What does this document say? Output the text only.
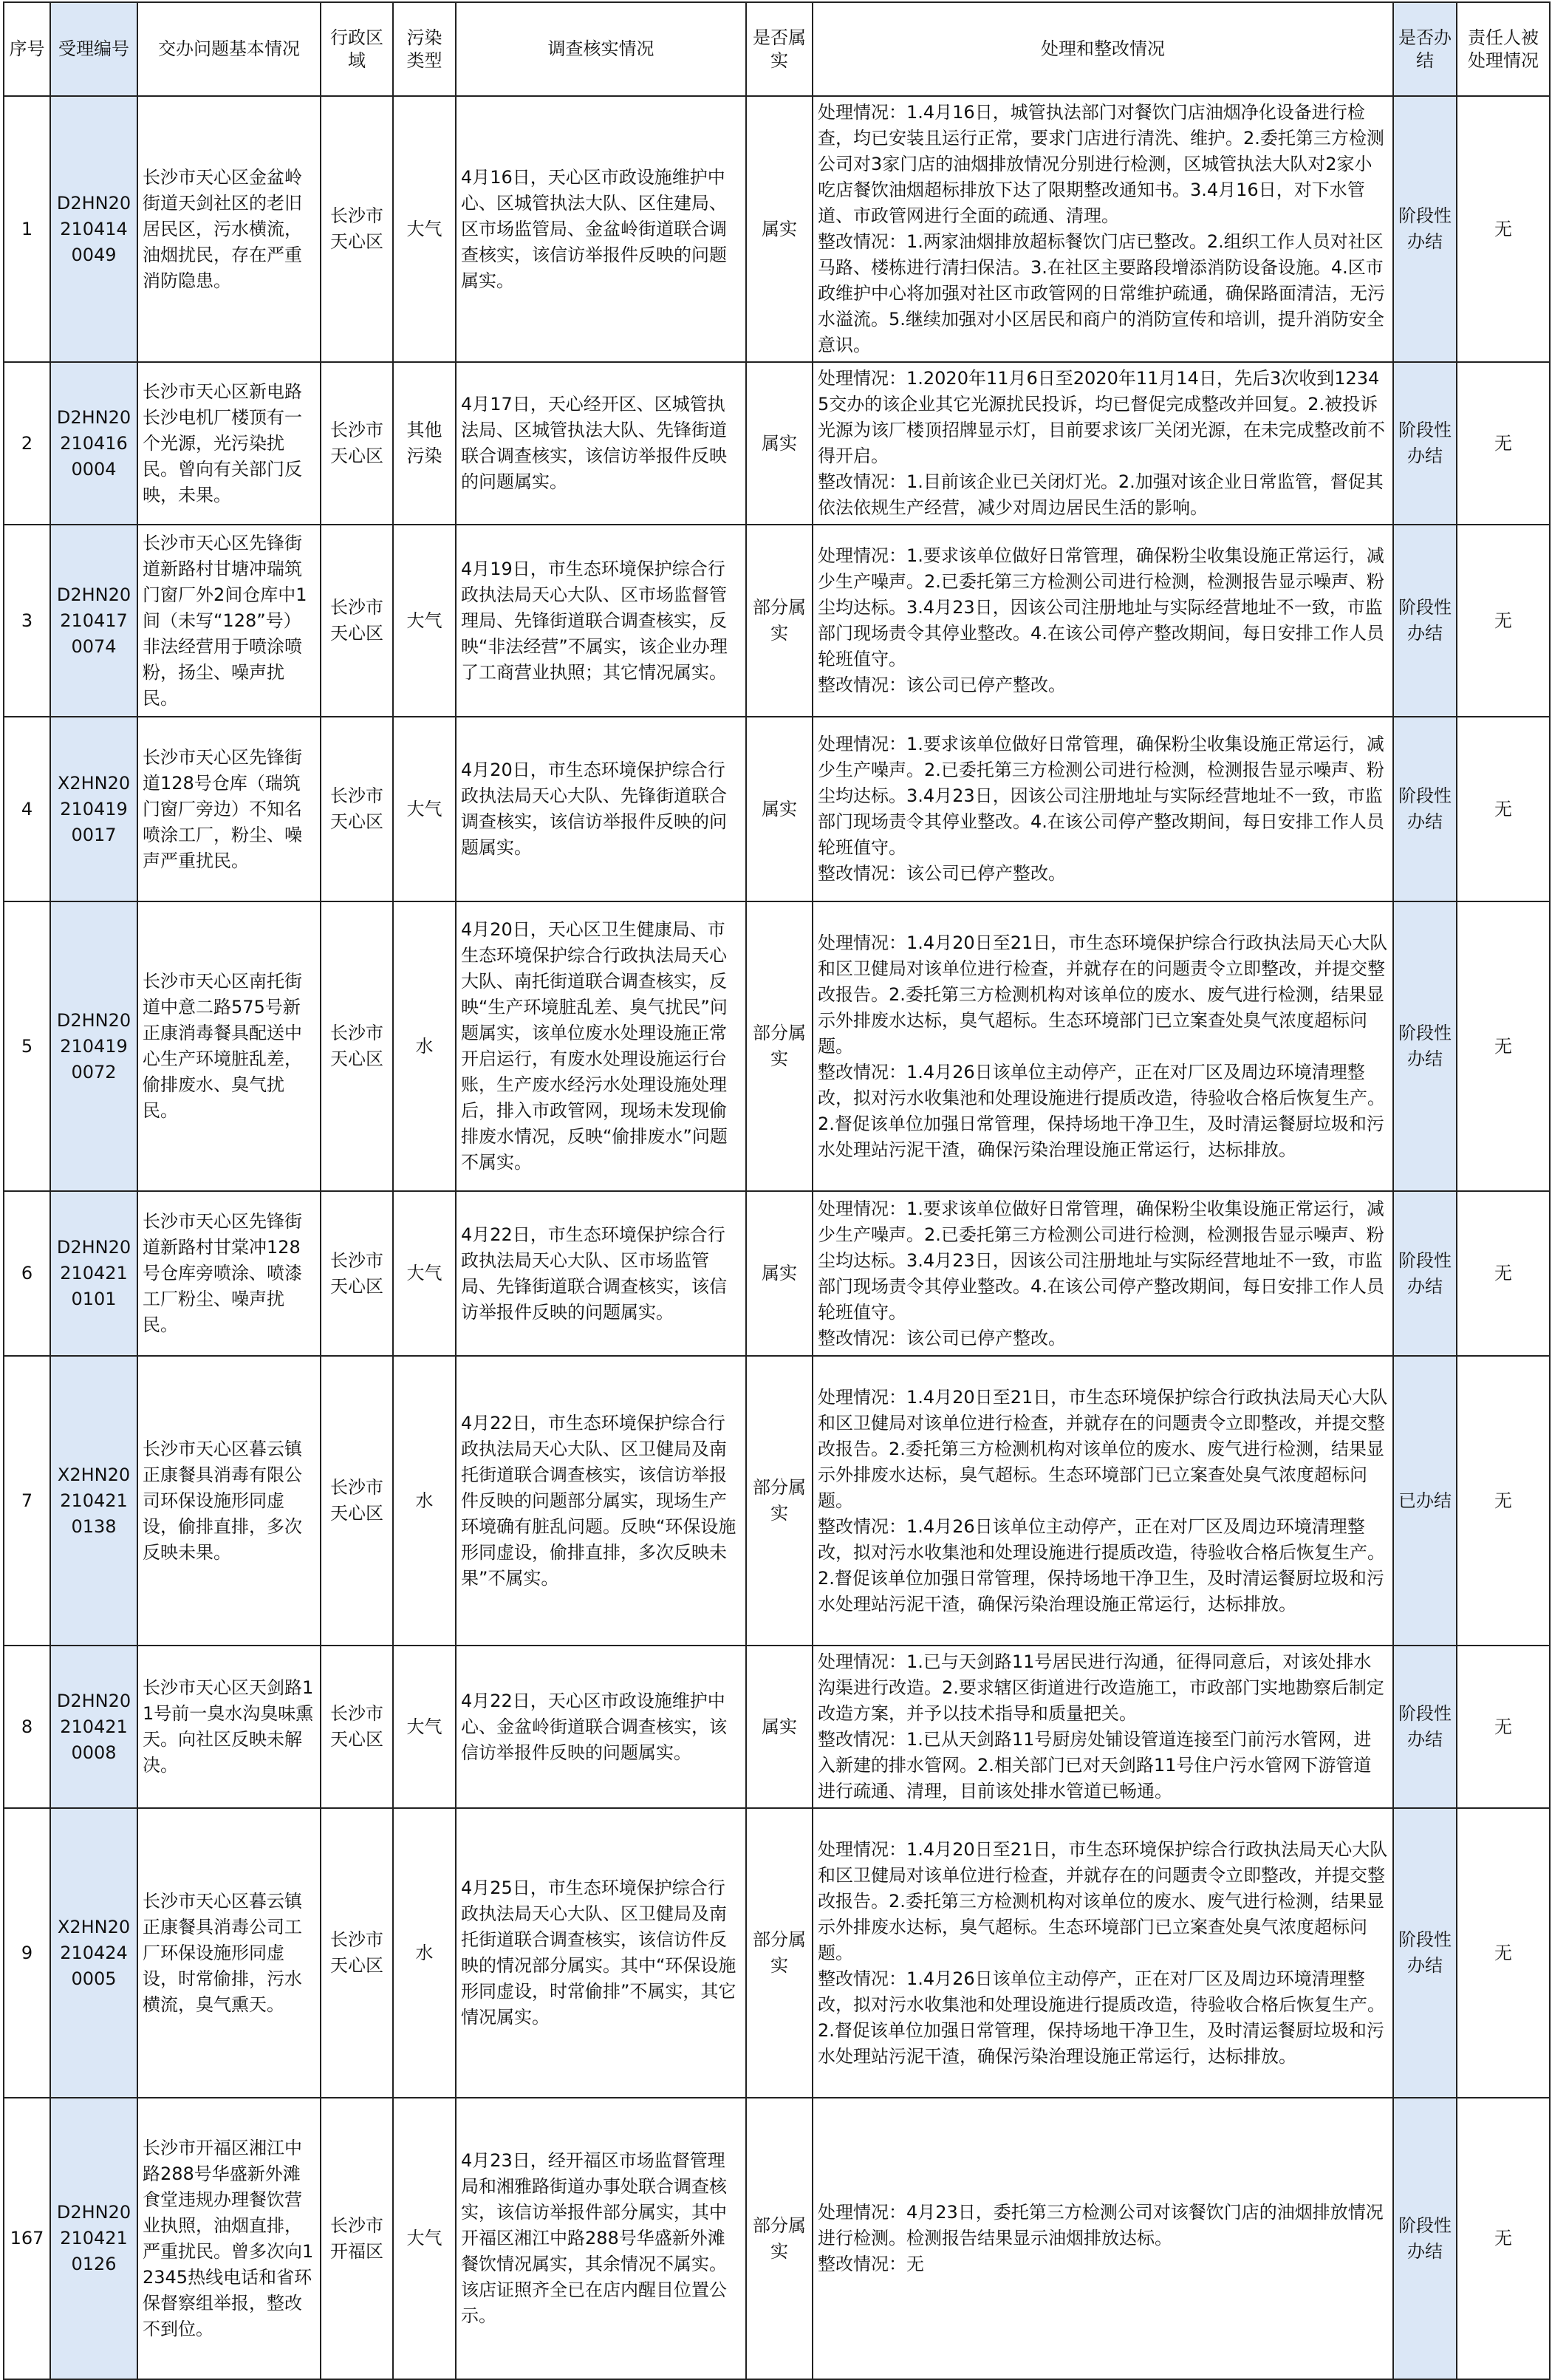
序号	受理编号	交办问题基本情况	行政区域	污染类型	调查核实情况	是否属实	处理和整改情况	是否办结	责任人被处理情况
1	D2HN20210414 0049	长沙市天心区金盆岭街道天剑社区的老旧居民区，污水横流，油烟扰民，存在严重消防隐患。	长沙市天心区	大气	4月16日，天心区市政设施维护中心、区城管执法大队、区住建局、区市场监管局、金盆岭街道联合调查核实，该信访举报件反映的问题属实。	属实	处理情况：1.4月16日，城管执法部门对餐饮门店油烟净化设备进行检查，均已安装且运行正常，要求门店进行清洗、维护。2.委托第三方检测公司对3家门店的油烟排放情况分别进行检测，区城管执法大队对2家小吃店餐饮油烟超标排放下达了限期整改通知书。3.4月16日，对下水管道、市政管网进行全面的疏通、清理。
整改情况：1.两家油烟排放超标餐饮门店已整改。2.组织工作人员对社区马路、楼栋进行清扫保洁。3.在社区主要路段增添消防设备设施。4.区市政维护中心将加强对社区市政管网的日常维护疏通，确保路面清洁，无污水溢流。5.继续加强对小区居民和商户的消防宣传和培训，提升消防安全意识。	阶段性办结	无
2	D2HN20210416 0004	长沙市天心区新电路长沙电机厂楼顶有一个光源，光污染扰民。曾向有关部门反映，未果。	长沙市天心区	其他污染	4月17日，天心经开区、区城管执法局、区城管执法大队、先锋街道联合调查核实，该信访举报件反映的问题属实。	属实	处理情况：1.2020年11月6日至2020年11月14日，先后3次收到12345交办的该企业其它光源扰民投诉，均已督促完成整改并回复。2.被投诉光源为该厂楼顶招牌显示灯，目前要求该厂关闭光源，在未完成整改前不得开启。
整改情况：1.目前该企业已关闭灯光。2.加强对该企业日常监管，督促其依法依规生产经营，减少对周边居民生活的影响。	阶段性办结	无
3	D2HN20210417 0074	长沙市天心区先锋街道新路村甘塘冲瑞筑门窗厂外2间仓库中1间（未写“128”号）非法经营用于喷涂喷粉，扬尘、噪声扰民。	长沙市天心区	大气	4月19日，市生态环境保护综合行政执法局天心大队、区市场监督管理局、先锋街道联合调查核实，反映“非法经营”不属实，该企业办理了工商营业执照；其它情况属实。	部分属实	处理情况：1.要求该单位做好日常管理，确保粉尘收集设施正常运行，减少生产噪声。2.已委托第三方检测公司进行检测，检测报告显示噪声、粉尘均达标。3.4月23日，因该公司注册地址与实际经营地址不一致，市监部门现场责令其停业整改。4.在该公司停产整改期间，每日安排工作人员轮班值守。
整改情况：该公司已停产整改。	阶段性办结	无
4	X2HN20210419 0017	长沙市天心区先锋街道128号仓库（瑞筑门窗厂旁边）不知名喷涂工厂，粉尘、噪声严重扰民。	长沙市天心区	大气	4月20日，市生态环境保护综合行政执法局天心大队、先锋街道联合调查核实，该信访举报件反映的问题属实。	属实	处理情况：1.要求该单位做好日常管理，确保粉尘收集设施正常运行，减少生产噪声。2.已委托第三方检测公司进行检测，检测报告显示噪声、粉尘均达标。3.4月23日，因该公司注册地址与实际经营地址不一致，市监部门现场责令其停业整改。4.在该公司停产整改期间，每日安排工作人员轮班值守。
整改情况：该公司已停产整改。	阶段性办结	无
5	D2HN20210419 0072	长沙市天心区南托街道中意二路575号新正康消毒餐具配送中心生产环境脏乱差，偷排废水、臭气扰民。	长沙市天心区	水	4月20日，天心区卫生健康局、市生态环境保护综合行政执法局天心大队、南托街道联合调查核实，反映“生产环境脏乱差、臭气扰民”问题属实，该单位废水处理设施正常开启运行，有废水处理设施运行台账，生产废水经污水处理设施处理后，排入市政管网，现场未发现偷排废水情况，反映“偷排废水”问题不属实。	部分属实	处理情况：1.4月20日至21日，市生态环境保护综合行政执法局天心大队和区卫健局对该单位进行检查，并就存在的问题责令立即整改，并提交整改报告。2.委托第三方检测机构对该单位的废水、废气进行检测，结果显示外排废水达标，臭气超标。生态环境部门已立案查处臭气浓度超标问题。
整改情况：1.4月26日该单位主动停产，正在对厂区及周边环境清理整改，拟对污水收集池和处理设施进行提质改造，待验收合格后恢复生产。2.督促该单位加强日常管理，保持场地干净卫生，及时清运餐厨垃圾和污水处理站污泥干渣，确保污染治理设施正常运行，达标排放。	阶段性办结	无
6	D2HN20210421 0101	长沙市天心区先锋街道新路村甘棠冲128号仓库旁喷涂、喷漆工厂粉尘、噪声扰民。	长沙市天心区	大气	4月22日，市生态环境保护综合行政执法局天心大队、区市场监管局、先锋街道联合调查核实，该信访举报件反映的问题属实。	属实	处理情况：1.要求该单位做好日常管理，确保粉尘收集设施正常运行，减少生产噪声。2.已委托第三方检测公司进行检测，检测报告显示噪声、粉尘均达标。3.4月23日，因该公司注册地址与实际经营地址不一致，市监部门现场责令其停业整改。4.在该公司停产整改期间，每日安排工作人员轮班值守。
整改情况：该公司已停产整改。	阶段性办结	无
7	X2HN20210421 0138	长沙市天心区暮云镇正康餐具消毒有限公司环保设施形同虚设，偷排直排，多次反映未果。	长沙市天心区	水	4月22日，市生态环境保护综合行政执法局天心大队、区卫健局及南托街道联合调查核实，该信访举报件反映的问题部分属实，现场生产环境确有脏乱问题。反映“环保设施形同虚设，偷排直排，多次反映未果”不属实。	部分属实	处理情况：1.4月20日至21日，市生态环境保护综合行政执法局天心大队和区卫健局对该单位进行检查，并就存在的问题责令立即整改，并提交整改报告。2.委托第三方检测机构对该单位的废水、废气进行检测，结果显示外排废水达标，臭气超标。生态环境部门已立案查处臭气浓度超标问题。
整改情况：1.4月26日该单位主动停产，正在对厂区及周边环境清理整改，拟对污水收集池和处理设施进行提质改造，待验收合格后恢复生产。2.督促该单位加强日常管理，保持场地干净卫生，及时清运餐厨垃圾和污水处理站污泥干渣，确保污染治理设施正常运行，达标排放。	已办结	无
8	D2HN20210421 0008	长沙市天心区天剑路11号前一臭水沟臭味熏天。向社区反映未解决。	长沙市天心区	大气	4月22日，天心区市政设施维护中心、金盆岭街道联合调查核实，该信访举报件反映的问题属实。	属实	处理情况：1.已与天剑路11号居民进行沟通，征得同意后，对该处排水沟渠进行改造。2.要求辖区街道进行改造施工，市政部门实地勘察后制定改造方案，并予以技术指导和质量把关。
整改情况：1.已从天剑路11号厨房处铺设管道连接至门前污水管网，进入新建的排水管网。2.相关部门已对天剑路11号住户污水管网下游管道进行疏通、清理，目前该处排水管道已畅通。	阶段性办结	无
9	X2HN20210424 0005	长沙市天心区暮云镇正康餐具消毒公司工厂环保设施形同虚设，时常偷排，污水横流，臭气熏天。	长沙市天心区	水	4月25日，市生态环境保护综合行政执法局天心大队、区卫健局及南托街道联合调查核实，该信访件反映的情况部分属实。其中“环保设施形同虚设，时常偷排”不属实，其它情况属实。	部分属实	处理情况：1.4月20日至21日，市生态环境保护综合行政执法局天心大队和区卫健局对该单位进行检查，并就存在的问题责令立即整改，并提交整改报告。2.委托第三方检测机构对该单位的废水、废气进行检测，结果显示外排废水达标，臭气超标。生态环境部门已立案查处臭气浓度超标问题。
整改情况：1.4月26日该单位主动停产，正在对厂区及周边环境清理整改，拟对污水收集池和处理设施进行提质改造，待验收合格后恢复生产。2.督促该单位加强日常管理，保持场地干净卫生，及时清运餐厨垃圾和污水处理站污泥干渣，确保污染治理设施正常运行，达标排放。	阶段性办结	无
167	D2HN20210421 0126	长沙市开福区湘江中路288号华盛新外滩食堂违规办理餐饮营业执照，油烟直排，严重扰民。曾多次向12345热线电话和省环保督察组举报，整改不到位。	长沙市开福区	大气	4月23日，经开福区市场监督管理局和湘雅路街道办事处联合调查核实，该信访举报件部分属实，其中开福区湘江中路288号华盛新外滩餐饮情况属实，其余情况不属实。该店证照齐全已在店内醒目位置公示。	部分属实	处理情况：4月23日，委托第三方检测公司对该餐饮门店的油烟排放情况进行检测。检测报告结果显示油烟排放达标。
整改情况：无	阶段性办结	无
